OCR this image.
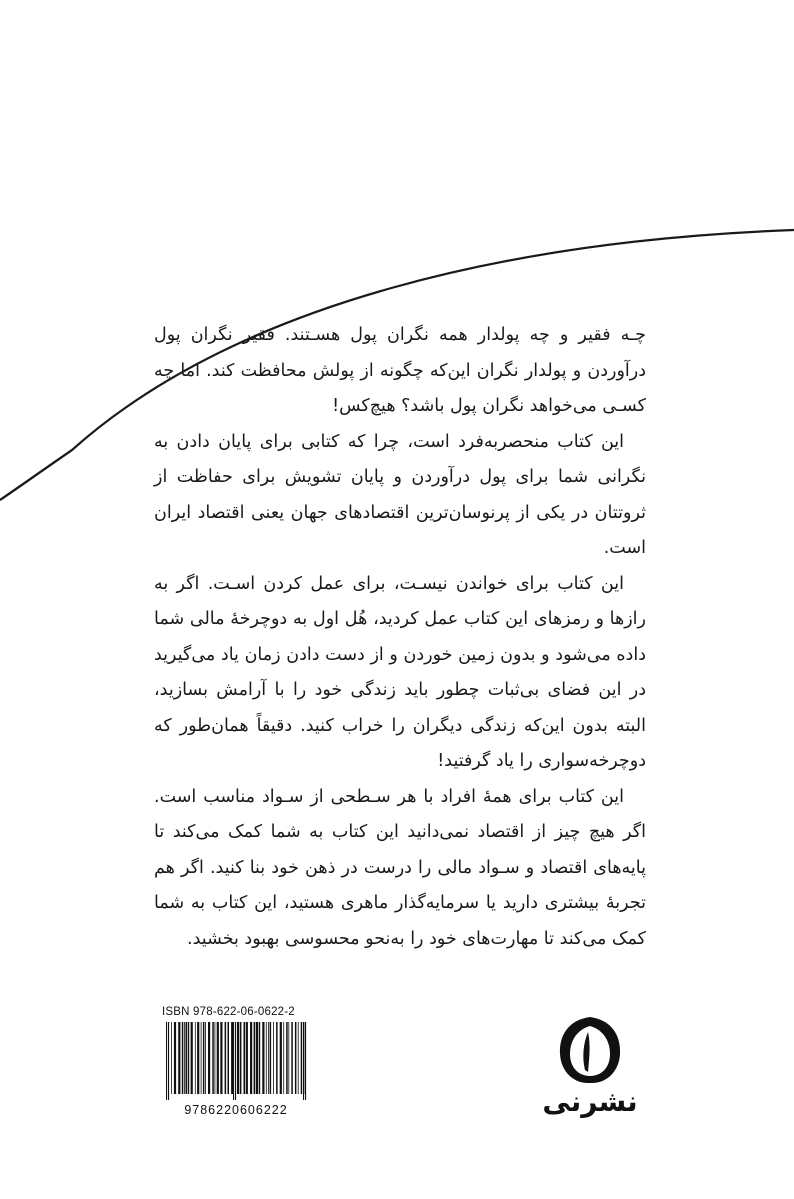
چـه فقیر و چه پولدار همه نگران پول هسـتند. فقیر نگران پول درآوردن و پولدار نگران این‌که چگونه از پولش محافظت کند. اما چه کسـی می‌خواهد نگران پول باشد؟ هیچ‌کس!

این کتاب منحصربه‌فرد است، چرا که کتابی برای پایان دادن به نگرانی شما برای پول درآوردن و پایان تشویش برای حفاظت از ثروتتان در یکی از پرنوسان‌ترین اقتصادهای جهان یعنی اقتصاد ایران است.

این کتاب برای خواندن نیسـت، برای عمل کردن اسـت. اگر به رازها و رمزهای این کتاب عمل کردید، هُل اول به دوچرخهٔ مالی شما داده می‌شود و بدون زمین خوردن و از دست دادن زمان یاد می‌گیرید در این فضای بی‌ثبات چطور باید زندگی خود را با آرامش بسازید، البته بدون این‌که زندگی دیگران را خراب کنید. دقیقاً همان‌طور که دوچرخه‌سواری را یاد گرفتید!

این کتاب برای همهٔ افراد با هر سـطحی از سـواد مناسب است. اگر هیچ چیز از اقتصاد نمی‌دانید این کتاب به شما کمک می‌کند تا پایه‌های اقتصاد و سـواد مالی را درست در ذهن خود بنا کنید. اگر هم تجربهٔ بیشتری دارید یا سرمایه‌گذار ماهری هستید، این کتاب به شما کمک می‌کند تا مهارت‌های خود را به‌نحو محسوسی بهبود بخشید.

ISBN 978-622-06-0622-2
9786220606222	نشرنی
